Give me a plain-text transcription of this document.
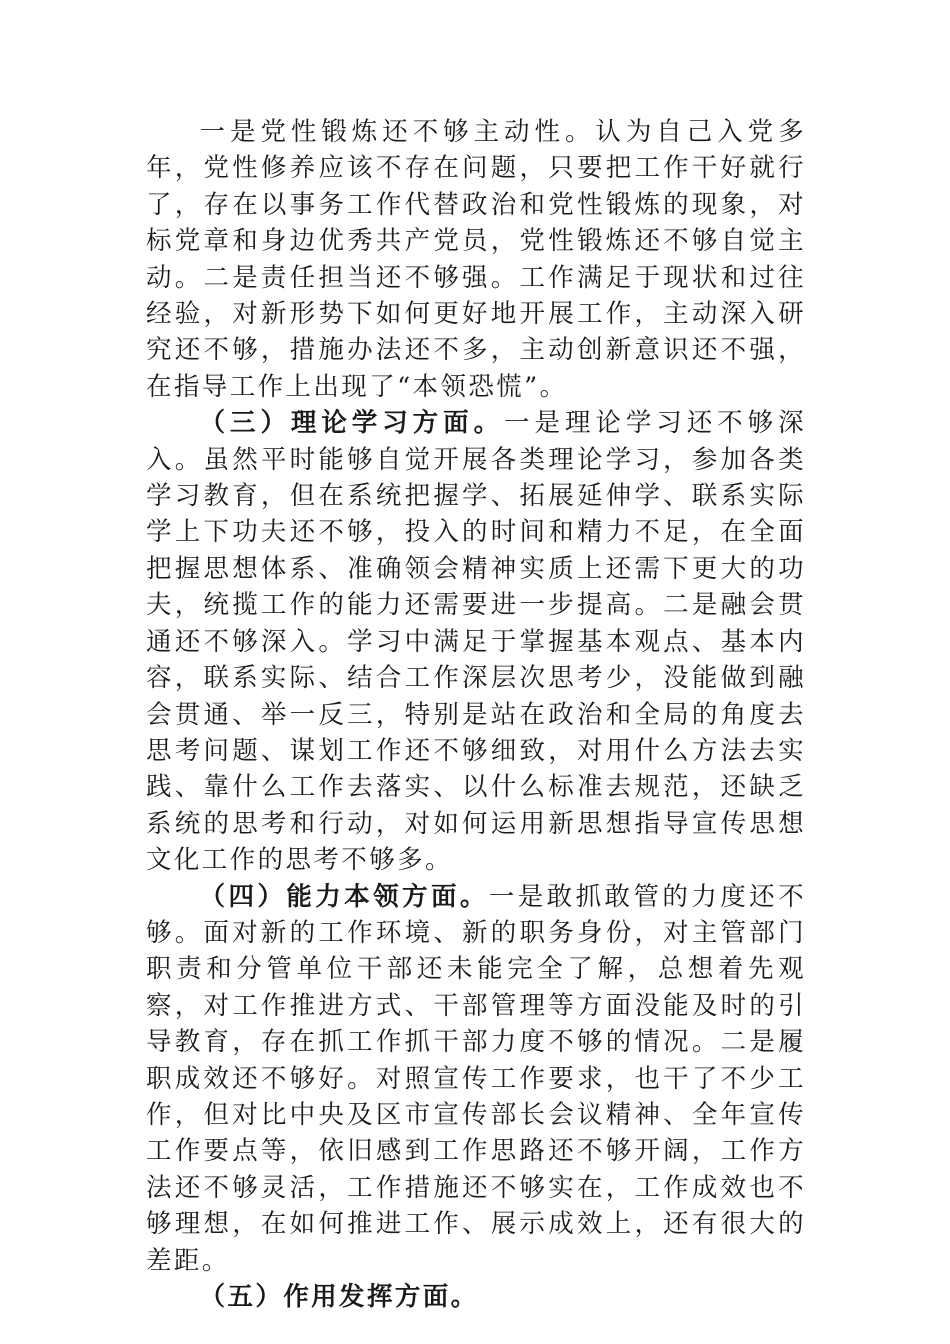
一是党性锻炼还不够主动性。认为自己入党多年，党性修养应该不存在问题，只要把工作干好就行了，存在以事务工作代替政治和党性锻炼的现象，对标党章和身边优秀共产党员，党性锻炼还不够自觉主动。二是责任担当还不够强。工作满足于现状和过往经验，对新形势下如何更好地开展工作，主动深入研究还不够，措施办法还不多，主动创新意识还不强，在指导工作上出现了“本领恐慌”。

（三）理论学习方面。一是理论学习还不够深入。虽然平时能够自觉开展各类理论学习，参加各类学习教育，但在系统把握学、拓展延伸学、联系实际学上下功夫还不够，投入的时间和精力不足，在全面把握思想体系、准确领会精神实质上还需下更大的功夫，统揽工作的能力还需要进一步提高。二是融会贯通还不够深入。学习中满足于掌握基本观点、基本内容，联系实际、结合工作深层次思考少，没能做到融会贯通、举一反三，特别是站在政治和全局的角度去思考问题、谋划工作还不够细致，对用什么方法去实践、靠什么工作去落实、以什么标准去规范，还缺乏系统的思考和行动，对如何运用新思想指导宣传思想文化工作的思考不够多。

（四）能力本领方面。一是敢抓敢管的力度还不够。面对新的工作环境、新的职务身份，对主管部门职责和分管单位干部还未能完全了解，总想着先观察，对工作推进方式、干部管理等方面没能及时的引导教育，存在抓工作抓干部力度不够的情况。二是履职成效还不够好。对照宣传工作要求，也干了不少工作，但对比中央及区市宣传部长会议精神、全年宣传工作要点等，依旧感到工作思路还不够开阔，工作方法还不够灵活，工作措施还不够实在，工作成效也不够理想，在如何推进工作、展示成效上，还有很大的差距。

（五）作用发挥方面。
